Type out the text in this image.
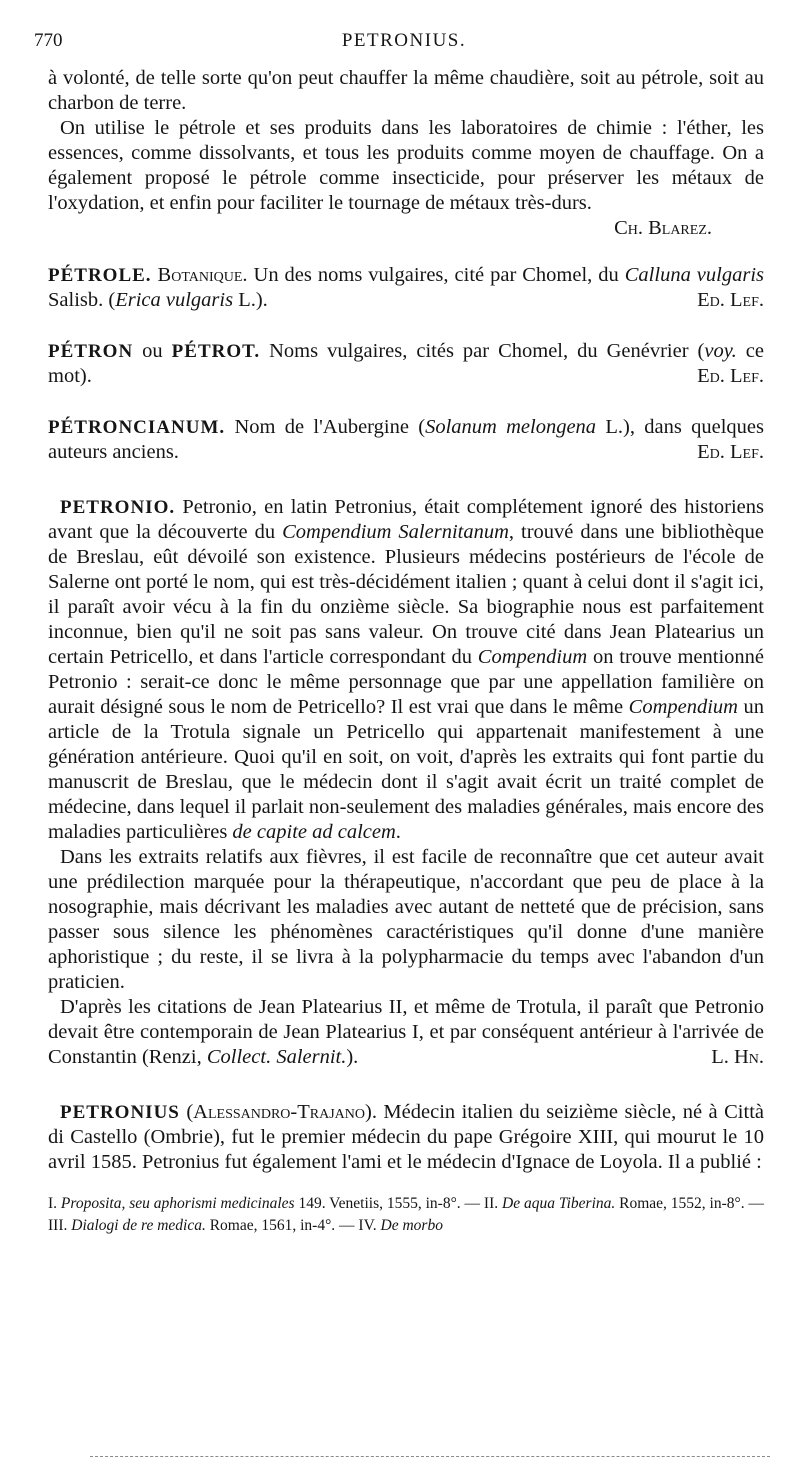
770	PETRONIUS.

à volonté, de telle sorte qu'on peut chauffer la même chaudière, soit au pétrole, soit au charbon de terre.

On utilise le pétrole et ses produits dans les laboratoires de chimie : l'éther, les essences, comme dissolvants, et tous les produits comme moyen de chauffage. On a également proposé le pétrole comme insecticide, pour préserver les métaux de l'oxydation, et enfin pour faciliter le tournage de métaux très-durs.
Ch. Blarez.

PÉTROLE. Botanique. Un des noms vulgaires, cité par Chomel, du Calluna vulgaris Salisb. (Erica vulgaris L.).	Ed. Lef.

PÉTRON ou PÉTROT. Noms vulgaires, cités par Chomel, du Genévrier (voy. ce mot).	Ed. Lef.

PÉTRONCIANUM. Nom de l'Aubergine (Solanum melongena L.), dans quelques auteurs anciens.	Ed. Lef.

PETRONIO. Petronio, en latin Petronius, était complétement ignoré des historiens avant que la découverte du Compendium Salernitanum, trouvé dans une bibliothèque de Breslau, eût dévoilé son existence. Plusieurs médecins postérieurs de l'école de Salerne ont porté le nom, qui est très-décidément italien ; quant à celui dont il s'agit ici, il paraît avoir vécu à la fin du onzième siècle. Sa biographie nous est parfaitement inconnue, bien qu'il ne soit pas sans valeur. On trouve cité dans Jean Platearius un certain Petricello, et dans l'article correspondant du Compendium on trouve mentionné Petronio : serait-ce donc le même personnage que par une appellation familière on aurait désigné sous le nom de Petricello? Il est vrai que dans le même Compendium un article de la Trotula signale un Petricello qui appartenait manifestement à une génération antérieure. Quoi qu'il en soit, on voit, d'après les extraits qui font partie du manuscrit de Breslau, que le médecin dont il s'agit avait écrit un traité complet de médecine, dans lequel il parlait non-seulement des maladies générales, mais encore des maladies particulières de capite ad calcem.

Dans les extraits relatifs aux fièvres, il est facile de reconnaître que cet auteur avait une prédilection marquée pour la thérapeutique, n'accordant que peu de place à la nosographie, mais décrivant les maladies avec autant de netteté que de précision, sans passer sous silence les phénomènes caractéristiques qu'il donne d'une manière aphoristique ; du reste, il se livra à la polypharmacie du temps avec l'abandon d'un praticien.

D'après les citations de Jean Platearius II, et même de Trotula, il paraît que Petronio devait être contemporain de Jean Platearius I, et par conséquent antérieur à l'arrivée de Constantin (Renzi, Collect. Salernit.).	L. Hn.

PETRONIUS (Alessandro-Trajano). Médecin italien du seizième siècle, né à Città di Castello (Ombrie), fut le premier médecin du pape Grégoire XIII, qui mourut le 10 avril 1585. Petronius fut également l'ami et le médecin d'Ignace de Loyola. Il a publié :

I. Proposita, seu aphorismi medicinales 149. Venetiis, 1555, in-8°. — II. De aqua Tiberina. Romae, 1552, in-8°. — III. Dialogi de re medica. Romae, 1561, in-4°. — IV. De morbo
